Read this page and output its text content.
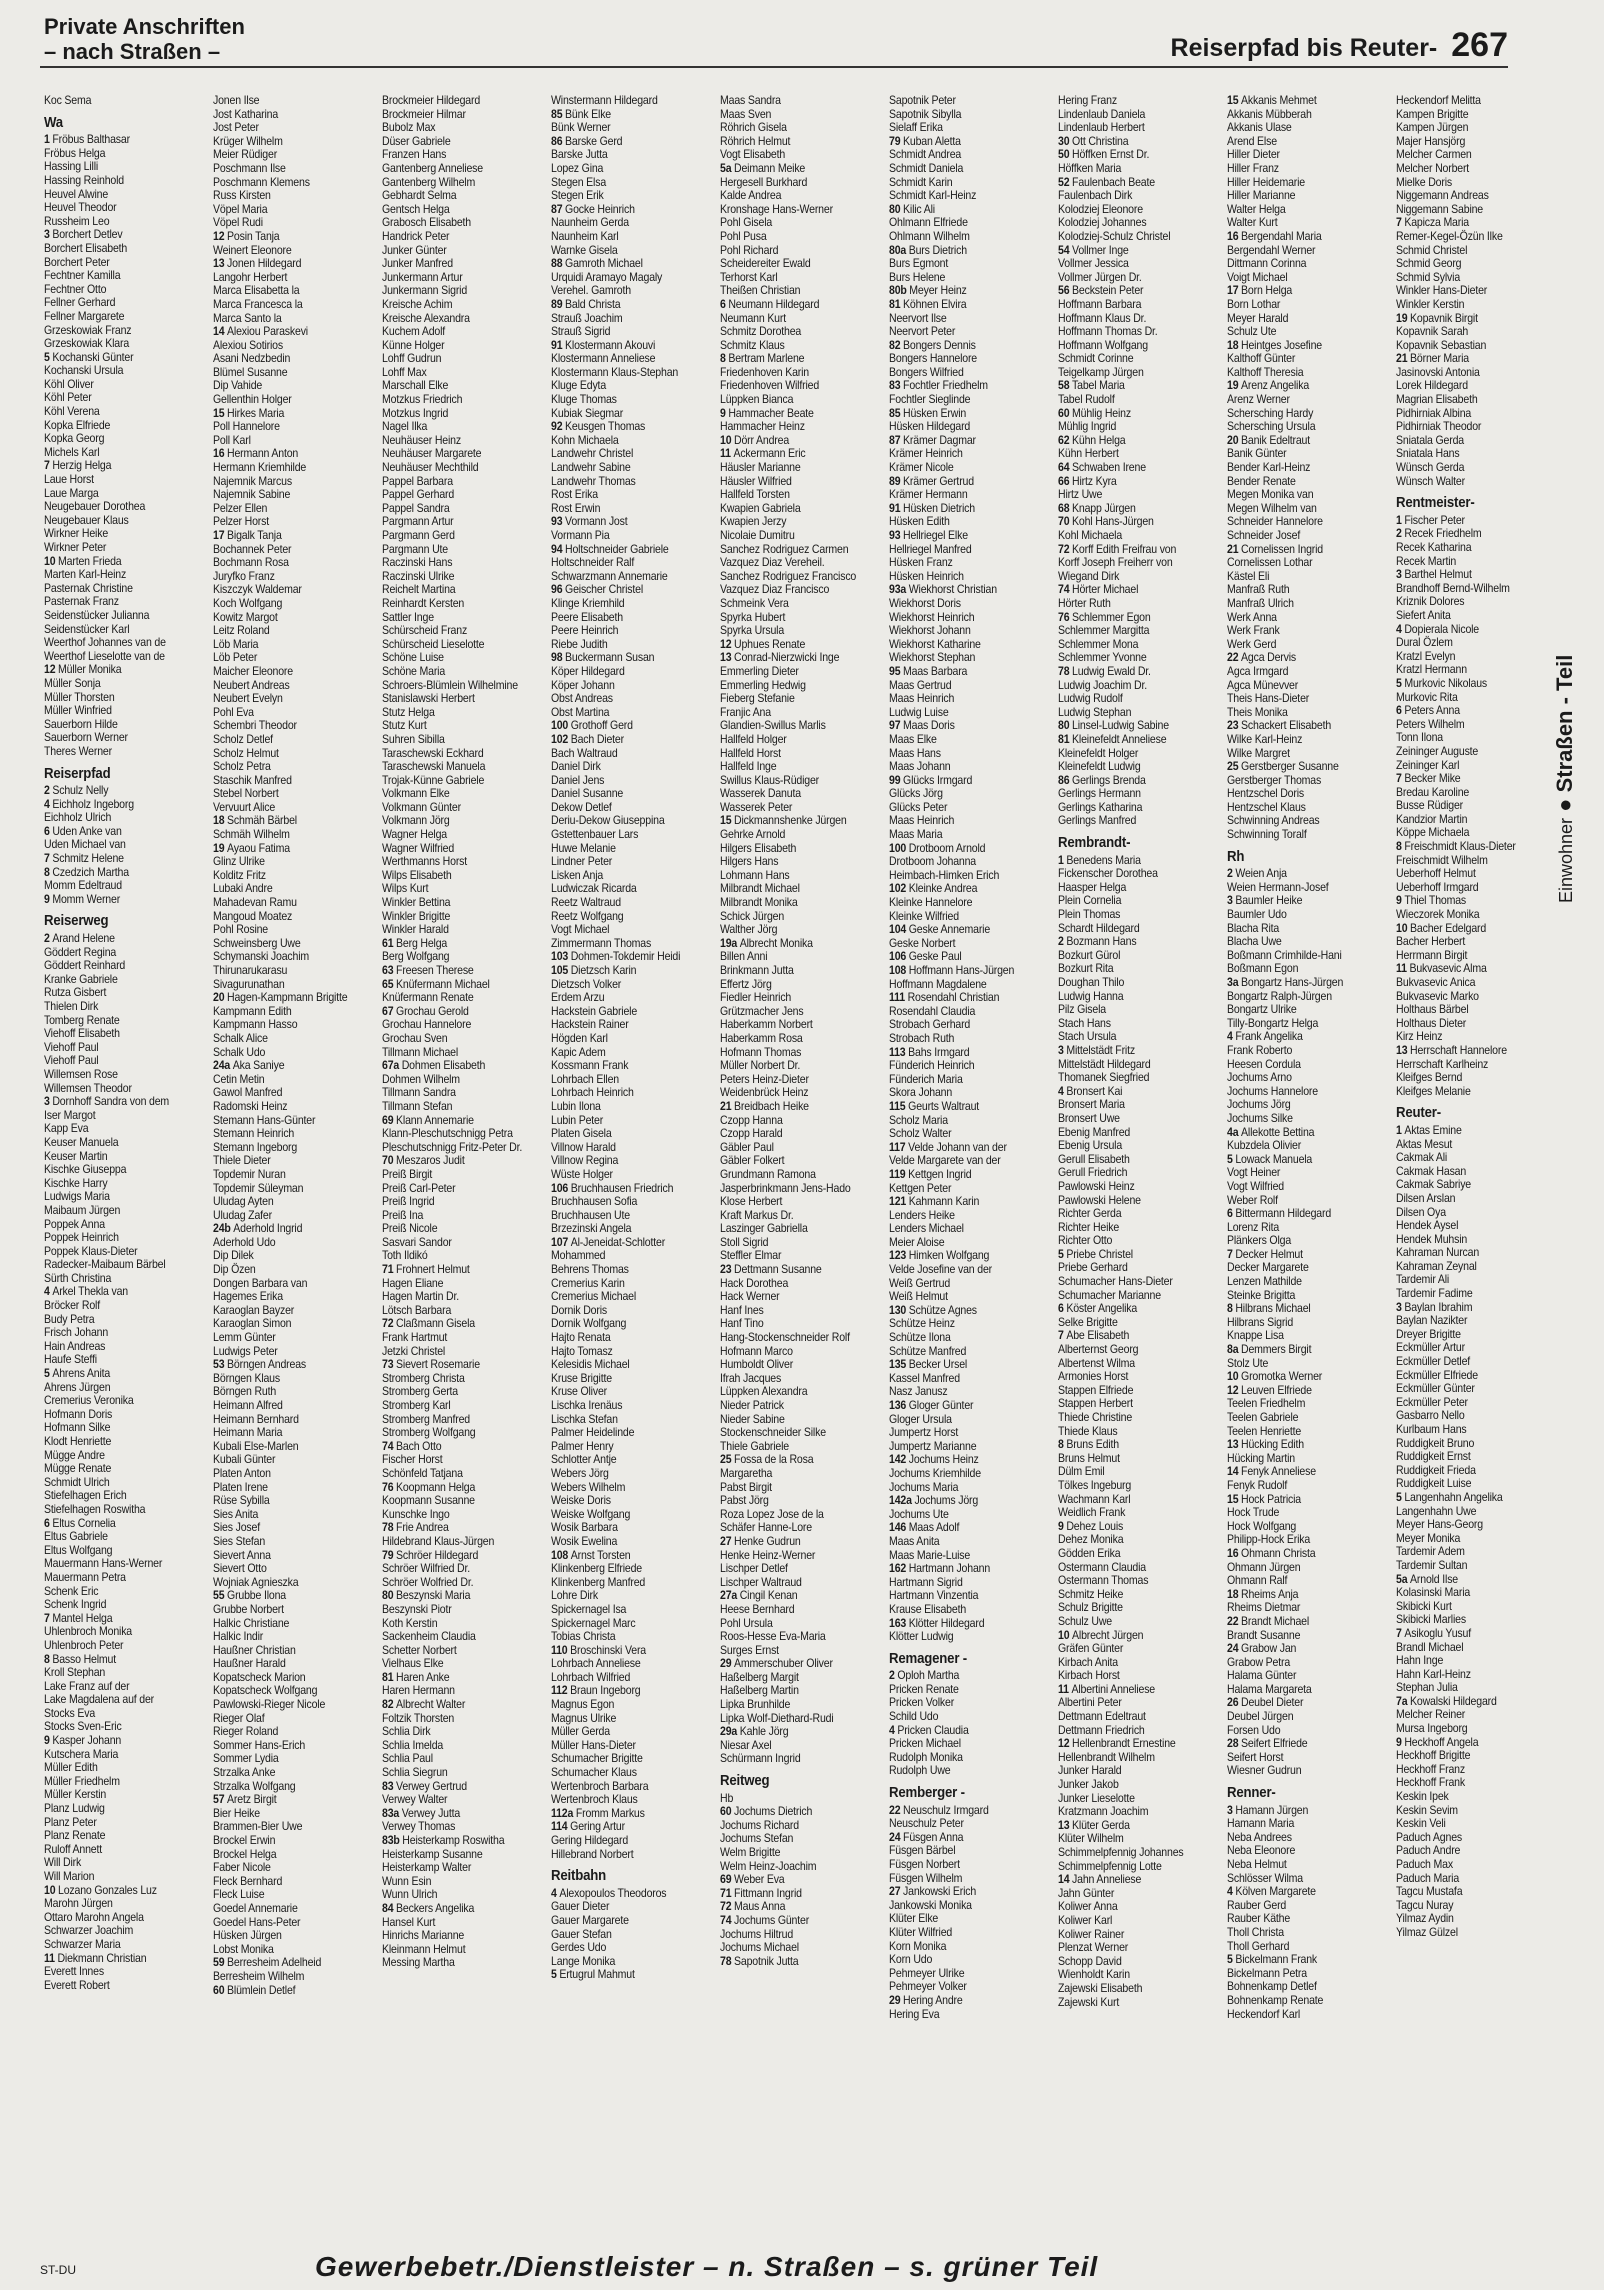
Private Anschriften
– nach Straßen –	Reiserpfad bis Reuter- 267
Koc Sema
Wa
1 Fröbus Balthasar
Fröbus Helga
Hassing Lilli
Hassing Reinhold
Heuvel Alwine
Heuvel Theodor
Russheim Leo
3 Borchert Detlev
Borchert Elisabeth
Borchert Peter
Fechtner Kamilla
Fechtner Otto
Fellner Gerhard
Fellner Margarete
Grzeskowiak Franz
Grzeskowiak Klara
5 Kochanski Günter
Kochanski Ursula
Köhl Oliver
Köhl Peter
Köhl Verena
Kopka Elfriede
Kopka Georg
Michels Karl
7 Herzig Helga
Laue Horst
Laue Marga
Neugebauer Dorothea
Neugebauer Klaus
Wirkner Heike
Wirkner Peter
10 Marten Frieda
Marten Karl-Heinz
Pasternak Christine
Pasternak Franz
Seidenstücker Julianna
Seidenstücker Karl
Weerthof Johannes van de
Weerthof Lieselotte van de
12 Müller Monika
Müller Sonja
Müller Thorsten
Müller Winfried
Sauerborn Hilde
Sauerborn Werner
Theres Werner
Reiserpfad
2 Schulz Nelly
4 Eichholz Ingeborg
Eichholz Ulrich
6 Uden Anke van
Uden Michael van
7 Schmitz Helene
8 Czedzich Martha
Momm Edeltraud
9 Momm Werner
Reiserweg
2 Arand Helene
Göddert Regina
Göddert Reinhard
Kranke Gabriele
Rutza Gisbert
Thielen Dirk
Tomberg Renate
Viehoff Elisabeth
Viehoff Paul
Viehoff Paul
Willemsen Rose
Willemsen Theodor
3 Dornhoff Sandra von dem
Iser Margot
Kapp Eva
Keuser Manuela
Keuser Martin
Kischke Giuseppa
Kischke Harry
Ludwigs Maria
Maibaum Jürgen
Poppek Anna
Poppek Heinrich
Poppek Klaus-Dieter
Radecker-Maibaum Bärbel
Sürth Christina
4 Arkel Thekla van
Bröcker Rolf
Budy Petra
Frisch Johann
Hain Andreas
Haufe Steffi
5 Ahrens Anita
Ahrens Jürgen
Cremerius Veronika
Hofmann Doris
Hofmann Silke
Klodt Henriette
Mügge Andre
Mügge Renate
Schmidt Ulrich
Stiefelhagen Erich
Stiefelhagen Roswitha
6 Eltus Cornelia
Eltus Gabriele
Eltus Wolfgang
Mauermann Hans-Werner
Mauermann Petra
Schenk Eric
Schenk Ingrid
7 Mantel Helga
Uhlenbroch Monika
Uhlenbroch Peter
8 Basso Helmut
Kroll Stephan
Lake Franz auf der
Lake Magdalena auf der
Stocks Eva
Stocks Sven-Eric
9 Kasper Johann
Kutschera Maria
Müller Edith
Müller Friedhelm
Müller Kerstin
Planz Ludwig
Planz Peter
Planz Renate
Ruloff Annett
Will Dirk
Will Marion
10 Lozano Gonzales Luz
Marohn Jürgen
Ottaro Marohn Angela
Schwarzer Joachim
Schwarzer Maria
11 Diekmann Christian
Everett Innes
Everett Robert
Jonen Ilse
Jost Katharina
Jost Peter
Krüger Wilhelm
Meier Rüdiger
Poschmann Ilse
Poschmann Klemens
Russ Kirsten
Vöpel Maria
Vöpel Rudi
12 Posin Tanja
Weinert Eleonore
13 Jonen Hildegard
Langohr Herbert
Marca Elisabetta la
Marca Francesca la
Marca Santo la
14 Alexiou Paraskevi
Alexiou Sotirios
Asani Nedzbedin
Blümel Susanne
Dip Vahide
Gellenthin Holger
15 Hirkes Maria
Poll Hannelore
Poll Karl
16 Hermann Anton
Hermann Kriemhilde
Najemnik Marcus
Najemnik Sabine
Pelzer Ellen
Pelzer Horst
17 Bigalk Tanja
Bochannek Peter
Bochmann Rosa
Juryfko Franz
Kiszczyk Waldemar
Koch Wolfgang
Kowitz Margot
Leitz Roland
Löb Maria
Löb Peter
Maicher Eleonore
Neubert Andreas
Neubert Evelyn
Pohl Eva
Schembri Theodor
Scholz Detlef
Scholz Helmut
Scholz Petra
Staschik Manfred
Stebel Norbert
Vervuurt Alice
18 Schmäh Bärbel
Schmäh Wilhelm
19 Ayaou Fatima
Glinz Ulrike
Kolditz Fritz
Lubaki Andre
Mahadevan Ramu
Mangoud Moatez
Pohl Rosine
Schweinsberg Uwe
Schymanski Joachim
Thirunarukarasu Sivagurunathan
20 Hagen-Kampmann Brigitte
Kampmann Edith
Kampmann Hasso
Schalk Alice
Schalk Udo
24a Aka Saniye
Cetin Metin
Gawol Manfred
Radomski Heinz
Stemann Hans-Günter
Stemann Heinrich
Stemann Ingeborg
Thiele Dieter
Topdemir Nuran
Topdemir Süleyman
Uludag Ayten
Uludag Zafer
24b Aderhold Ingrid
Aderhold Udo
Dip Dilek
Dip Özen
Dongen Barbara van
Hagemes Erika
Karaoglan Bayzer
Karaoglan Simon
Lemm Günter
Ludwigs Peter
53 Börngen Andreas
Börngen Klaus
Börngen Ruth
Heimann Alfred
Heimann Bernhard
Heimann Maria
Kubali Else-Marlen
Kubali Günter
Platen Anton
Platen Irene
Rüse Sybilla
Sies Anita
Sies Josef
Sies Stefan
Sievert Anna
Sievert Otto
Wojniak Agnieszka
55 Grubbe Ilona
Grubbe Norbert
Halkic Christiane
Halkic Indir
Haußner Christian
Haußner Harald
Kopatscheck Marion
Kopatscheck Wolfgang
Pawlowski-Rieger Nicole
Rieger Olaf
Rieger Roland
Sommer Hans-Erich
Sommer Lydia
Strzalka Anke
Strzalka Wolfgang
57 Aretz Birgit
Bier Heike
Brammen-Bier Uwe
Brockel Erwin
Brockel Helga
Faber Nicole
Fleck Bernhard
Fleck Luise
Goedel Annemarie
Goedel Hans-Peter
Hüsken Jürgen
Lobst Monika
59 Berresheim Adelheid
Berresheim Wilhelm
60 Blümlein Detlef
Brockmeier Hildegard
Brockmeier Hilmar
Bubolz Max
Düser Gabriele
Franzen Hans
Gantenberg Anneliese
Gantenberg Wilhelm
Gebhardt Selma
Gentsch Helga
Grabosch Elisabeth
Handrick Peter
Junker Günter
Junker Manfred
Junkermann Artur
Junkermann Sigrid
Kreische Achim
Kreische Alexandra
Kuchem Adolf
Künne Holger
Lohff Gudrun
Lohff Max
Marschall Elke
Motzkus Friedrich
Motzkus Ingrid
Nagel Ilka
Neuhäuser Heinz
Neuhäuser Margarete
Neuhäuser Mechthild
Pappel Barbara
Pappel Gerhard
Pappel Sandra
Pargmann Artur
Pargmann Gerd
Pargmann Ute
Raczinski Hans
Raczinski Ulrike
Reichelt Martina
Reinhardt Kersten
Sattler Inge
Schürscheid Franz
Schürscheid Lieselotte
Schöne Luise
Schöne Maria
Schroers-Blümlein Wilhelmine
Stanislawski Herbert
Stutz Helga
Stutz Kurt
Suhren Sibilla
Taraschewski Eckhard
Taraschewski Manuela
Trojak-Künne Gabriele
Volkmann Elke
Volkmann Günter
Volkmann Jörg
Wagner Helga
Wagner Wilfried
Werthmanns Horst
Wilps Elisabeth
Wilps Kurt
Winkler Bettina
Winkler Brigitte
Winkler Harald
61 Berg Helga
Berg Wolfgang
63 Freesen Therese
65 Knüfermann Michael
Knüfermann Renate
67 Grochau Gerold
Grochau Hannelore
Grochau Sven
Tillmann Michael
67a Dohmen Elisabeth
Dohmen Wilhelm
Tillmann Sandra
Tillmann Stefan
69 Klann Annemarie
Klann-Pleschutschnigg Petra
Pleschutschnigg Fritz-Peter Dr.
70 Meszaros Judit
Preiß Birgit
Preiß Carl-Peter
Preiß Ingrid
Preiß Ina
Preiß Nicole
Sasvari Sandor
Toth Ildikó
71 Frohnert Helmut
Hagen Eliane
Hagen Martin Dr.
Lötsch Barbara
72 Claßmann Gisela
Frank Hartmut
Jetzki Christel
73 Sievert Rosemarie
Stromberg Christa
Stromberg Gerta
Stromberg Karl
Stromberg Manfred
Stromberg Wolfgang
74 Bach Otto
Fischer Horst
Schönfeld Tatjana
76 Koopmann Helga
Koopmann Susanne
Kunschke Ingo
78 Frie Andrea
Hildebrand Klaus-Jürgen
79 Schröer Hildegard
Schröer Wilfried Dr.
Schröer Wolfried Dr.
80 Beszynski Maria
Beszynski Piotr
Koth Kerstin
Sackenheim Claudia
Schetter Norbert
Vielhaus Elke
81 Haren Anke
Haren Hermann
82 Albrecht Walter
Foltzik Thorsten
Schlia Dirk
Schlia Imelda
Schlia Paul
Schlia Siegrun
83 Verwey Gertrud
Verwey Walter
83a Verwey Jutta
Verwey Thomas
83b Heisterkamp Roswitha
Heisterkamp Susanne
Heisterkamp Walter
Wunn Esin
Wunn Ulrich
84 Beckers Angelika
Hansel Kurt
Hinrichs Marianne
Kleinmann Helmut
Messing Martha
Winstermann Hildegard
85 Bünk Elke
Bünk Werner
86 Barske Gerd
Barske Jutta
Lopez Gina
Stegen Elsa
Stegen Erik
87 Gocke Heinrich
Naunheim Gerda
Naunheim Karl
Warnke Gisela
88 Gamroth Michael
Urquidi Aramayo Magaly Verehel. Gamroth
89 Bald Christa
Strauß Joachim
Strauß Sigrid
91 Klostermann Akouvi
Klostermann Anneliese
Klostermann Klaus-Stephan
Kluge Edyta
Kluge Thomas
Kubiak Siegmar
92 Keusgen Thomas
Kohn Michaela
Landwehr Christel
Landwehr Sabine
Landwehr Thomas
Rost Erika
Rost Erwin
93 Vormann Jost
Vormann Pia
94 Holtschneider Gabriele
Holtschneider Ralf
Schwarzmann Annemarie
96 Geischer Christel
Klinge Kriemhild
Peere Elisabeth
Peere Heinrich
Riebe Judith
98 Buckermann Susan
Köper Hildegard
Köper Johann
Obst Andreas
Obst Martina
100 Grothoff Gerd
102 Bach Dieter
Bach Waltraud
Daniel Dirk
Daniel Jens
Daniel Susanne
Dekow Detlef
Deriu-Dekow Giuseppina
Gstettenbauer Lars
Huwe Melanie
Lindner Peter
Lisken Anja
Ludwiczak Ricarda
Reetz Waltraud
Reetz Wolfgang
Vogt Michael
Zimmermann Thomas
103 Dohmen-Tokdemir Heidi
105 Dietzsch Karin
Dietzsch Volker
Erdem Arzu
Hackstein Gabriele
Hackstein Rainer
Högden Karl
Kapic Adem
Kossmann Frank
Lohrbach Ellen
Lohrbach Heinrich
Lubin Ilona
Lubin Peter
Platen Gisela
Villnow Harald
Villnow Regina
Wüste Holger
106 Bruchhausen Friedrich
Bruchhausen Sofia
Bruchhausen Ute
Brzezinski Angela
107 Al-Jeneidat-Schlotter Mohammed
Behrens Thomas
Cremerius Karin
Cremerius Michael
Dornik Doris
Dornik Wolfgang
Hajto Renata
Hajto Tomasz
Kelesidis Michael
Kruse Brigitte
Kruse Oliver
Lischka Irenäus
Lischka Stefan
Palmer Heidelinde
Palmer Henry
Schlotter Antje
Webers Jörg
Webers Wilhelm
Weiske Doris
Weiske Wolfgang
Wosik Barbara
Wosik Ewelina
108 Arnst Torsten
Klinkenberg Elfriede
Klinkenberg Manfred
Lohre Dirk
Spickernagel Isa
Spickernagel Marc
Tobias Christa
110 Broschinski Vera
Lohrbach Anneliese
Lohrbach Wilfried
112 Braun Ingeborg
Magnus Egon
Magnus Ulrike
Müller Gerda
Müller Hans-Dieter
Schumacher Brigitte
Schumacher Klaus
Wertenbroch Barbara
Wertenbroch Klaus
112a Fromm Markus
114 Gering Artur
Gering Hildegard
Hillebrand Norbert
Reitbahn
4 Alexopoulos Theodoros
Gauer Dieter
Gauer Margarete
Gauer Stefan
Gerdes Udo
Lange Monika
5 Ertugrul Mahmut
Maas Sandra
Maas Sven
Röhrich Gisela
Röhrich Helmut
Vogt Elisabeth
5a Deimann Meike
Hergesell Burkhard
Kalde Andrea
Kronshage Hans-Werner
Pohl Gisela
Pohl Pusa
Pohl Richard
Scheidereiter Ewald
Terhorst Karl
Theißen Christian
6 Neumann Hildegard
Neumann Kurt
Schmitz Dorothea
Schmitz Klaus
8 Bertram Marlene
Friedenhoven Karin
Friedenhoven Wilfried
Lüppken Bianca
9 Hammacher Beate
Hammacher Heinz
10 Dörr Andrea
11 Ackermann Eric
Häusler Marianne
Häusler Wilfried
Hallfeld Torsten
Kwapien Gabriela
Kwapien Jerzy
Nicolaie Dumitru
Sanchez Rodriguez Carmen Vazquez Diaz Vereheil.
Sanchez Rodriguez Francisco
Vazquez Diaz Francisco
Schmeink Vera
Spyrka Hubert
Spyrka Ursula
12 Uphues Renate
13 Conrad-Nierzwicki Inge
Emmerling Dieter
Emmerling Hedwig
Fieberg Stefanie
Franjic Ana
Glandien-Swillus Marlis
Hallfeld Holger
Hallfeld Horst
Hallfeld Inge
Swillus Klaus-Rüdiger
Wasserek Danuta
Wasserek Peter
15 Dickmannshenke Jürgen
Gehrke Arnold
Hilgers Elisabeth
Hilgers Hans
Lohmann Hans
Milbrandt Michael
Milbrandt Monika
Schick Jürgen
Walther Jörg
19a Albrecht Monika
Billen Anni
Brinkmann Jutta
Effertz Jörg
Fiedler Heinrich
Grützmacher Jens
Haberkamm Norbert
Haberkamm Rosa
Hofmann Thomas
Müller Norbert Dr.
Peters Heinz-Dieter
Weidenbrück Heinz
21 Breidbach Heike
Czopp Hanna
Czopp Harald
Gäbler Paul
Gäbler Folkert
Grundmann Ramona
Jasperbrinkmann Jens-Hado
Klose Herbert
Kraft Markus Dr.
Laszinger Gabriella
Stoll Sigrid
Steffler Elmar
23 Dettmann Susanne
Hack Dorothea
Hack Werner
Hanf Ines
Hanf Tino
Hang-Stockenschneider Rolf
Hofmann Marco
Humboldt Oliver
Ifrah Jacques
Lüppken Alexandra
Nieder Patrick
Nieder Sabine
Stockenschneider Silke
Thiele Gabriele
25 Fossa de la Rosa Margaretha
Pabst Birgit
Pabst Jörg
Roza Lopez Jose de la
Schäfer Hanne-Lore
27 Henke Gudrun
Henke Heinz-Werner
Lischper Detlef
Lischper Waltraud
27a Cingil Kenan
Heese Bernhard
Pohl Ursula
Roos-Hesse Eva-Maria
Surges Ernst
29 Ammerschuber Oliver
Haßelberg Margit
Haßelberg Martin
Lipka Brunhilde
Lipka Wolf-Diethard-Rudi
29a Kahle Jörg
Niesar Axel
Schürmann Ingrid
Reitweg
Hb
60 Jochums Dietrich
Jochums Richard
Jochums Stefan
Welm Brigitte
Welm Heinz-Joachim
69 Weber Eva
71 Fittmann Ingrid
72 Maus Anna
74 Jochums Günter
Jochums Hiltrud
Jochums Michael
78 Sapotnik Jutta
Sapotnik Peter
Sapotnik Sibylla
Sielaff Erika
79 Kuban Aletta
Schmidt Andrea
Schmidt Daniela
Schmidt Karin
Schmidt Karl-Heinz
80 Kilic Ali
Ohlmann Elfriede
Ohlmann Wilhelm
80a Burs Dietrich
Burs Egmont
Burs Helene
80b Meyer Heinz
81 Köhnen Elvira
Neervort Ilse
Neervort Peter
82 Bongers Dennis
Bongers Hannelore
Bongers Wilfried
83 Fochtler Friedhelm
Fochtler Sieglinde
85 Hüsken Erwin
Hüsken Hildegard
87 Krämer Dagmar
Krämer Heinrich
Krämer Nicole
89 Krämer Gertrud
Krämer Hermann
91 Hüsken Dietrich
Hüsken Edith
93 Hellriegel Elke
Hellriegel Manfred
Hüsken Franz
Hüsken Heinrich
93a Wiekhorst Christian
Wiekhorst Doris
Wiekhorst Heinrich
Wiekhorst Johann
Wiekhorst Katharine
Wiekhorst Stephan
95 Maas Barbara
Maas Gertrud
Maas Heinrich
Ludwig Luise
97 Maas Doris
Maas Elke
Maas Hans
Maas Johann
99 Glücks Irmgard
Glücks Jörg
Glücks Peter
Maas Heinrich
Maas Maria
100 Drotboom Arnold
Drotboom Johanna
Heimbach-Himken Erich
102 Kleinke Andrea
Kleinke Hannelore
Kleinke Wilfried
104 Geske Annemarie
Geske Norbert
106 Geske Paul
108 Hoffmann Hans-Jürgen
Hoffmann Magdalene
111 Rosendahl Christian
Rosendahl Claudia
Strobach Gerhard
Strobach Ruth
113 Bahs Irmgard
Fünderich Heinrich
Fünderich Maria
Skora Johann
115 Geurts Waltraut
Scholz Maria
Scholz Walter
117 Velde Johann van der
Velde Margarete van der
119 Kettgen Ingrid
Kettgen Peter
121 Kahmann Karin
Lenders Heike
Lenders Michael
Meier Aloise
123 Himken Wolfgang
Velde Josefine van der
Weiß Gertrud
Weiß Helmut
130 Schütze Agnes
Schütze Heinz
Schütze Ilona
Schütze Manfred
135 Becker Ursel
Kassel Manfred
Nasz Janusz
136 Gloger Günter
Gloger Ursula
Jumpertz Horst
Jumpertz Marianne
142 Jochums Heinz
Jochums Kriemhilde
Jochums Maria
142a Jochums Jörg
Jochums Ute
146 Maas Adolf
Maas Anita
Maas Marie-Luise
162 Hartmann Johann
Hartmann Sigrid
Hartmann Vinzentia
Krause Elisabeth
163 Klötter Hildegard
Klötter Ludwig
Remagener -
2 Oploh Martha
Pricken Renate
Pricken Volker
Schild Udo
4 Pricken Claudia
Pricken Michael
Rudolph Monika
Rudolph Uwe
Remberger -
22 Neuschulz Irmgard
Neuschulz Peter
24 Füsgen Anna
Füsgen Bärbel
Füsgen Norbert
Füsgen Wilhelm
27 Jankowski Erich
Jankowski Monika
Klüter Elke
Klüter Wilfried
Korn Monika
Korn Udo
Pehmeyer Ulrike
Pehmeyer Volker
29 Hering Andre
Hering Eva
Hering Franz
Lindenlaub Daniela
Lindenlaub Herbert
30 Ott Christina
50 Höffken Ernst Dr.
Höffken Maria
52 Faulenbach Beate
Faulenbach Dirk
Kolodziej Eleonore
Kolodziej Johannes
Kolodziej-Schulz Christel
54 Vollmer Inge
Vollmer Jessica
Vollmer Jürgen Dr.
56 Beckstein Peter
Hoffmann Barbara
Hoffmann Klaus Dr.
Hoffmann Thomas Dr.
Hoffmann Wolfgang
Schmidt Corinne
Teigelkamp Jürgen
58 Tabel Maria
Tabel Rudolf
60 Mühlig Heinz
Mühlig Ingrid
62 Kühn Helga
Kühn Herbert
64 Schwaben Irene
66 Hirtz Kyra
Hirtz Uwe
68 Knapp Jürgen
70 Kohl Hans-Jürgen
Kohl Michaela
72 Korff Edith Freifrau von
Korff Joseph Freiherr von
Wiegand Dirk
74 Hörter Michael
Hörter Ruth
76 Schlemmer Egon
Schlemmer Margitta
Schlemmer Mona
Schlemmer Yvonne
78 Ludwig Ewald Dr.
Ludwig Joachim Dr.
Ludwig Rudolf
Ludwig Stephan
80 Linsel-Ludwig Sabine
81 Kleinefeldt Anneliese
Kleinefeldt Holger
Kleinefeldt Ludwig
86 Gerlings Brenda
Gerlings Hermann
Gerlings Katharina
Gerlings Manfred
Rembrandt-
1 Benedens Maria
Fickenscher Dorothea
Haasper Helga
Plein Cornelia
Plein Thomas
Schardt Hildegard
2 Bozmann Hans
Bozkurt Gürol
Bozkurt Rita
Doughan Thilo
Ludwig Hanna
Pilz Gisela
Stach Hans
Stach Ursula
3 Mittelstädt Fritz
Mittelstädt Hildegard
Thomanek Siegfried
4 Bronsert Kai
Bronsert Maria
Bronsert Uwe
Ebenig Manfred
Ebenig Ursula
Gerull Elisabeth
Gerull Friedrich
Pawlowski Heinz
Pawlowski Helene
Richter Gerda
Richter Heike
Richter Otto
5 Priebe Christel
Priebe Gerhard
Schumacher Hans-Dieter
Schumacher Marianne
6 Köster Angelika
Selke Brigitte
7 Abe Elisabeth
Alberternst Georg
Albertenst Wilma
Armonies Horst
Stappen Elfriede
Stappen Herbert
Thiede Christine
Thiede Klaus
8 Bruns Edith
Bruns Helmut
Dülm Emil
Tölkes Ingeburg
Wachmann Karl
Weidlich Frank
9 Dehez Louis
Dehez Monika
Gödden Erika
Ostermann Claudia
Ostermann Thomas
Schmitz Heike
Schulz Brigitte
Schulz Uwe
10 Albrecht Jürgen
Gräfen Günter
Kirbach Anita
Kirbach Horst
11 Albertini Anneliese
Albertini Peter
Dettmann Edeltraut
Dettmann Friedrich
12 Hellenbrandt Ernestine
Hellenbrandt Wilhelm
Junker Harald
Junker Jakob
Junker Lieselotte
Kratzmann Joachim
13 Klüter Gerda
Klüter Wilhelm
Schimmelpfennig Johannes
Schimmelpfennig Lotte
14 Jahn Anneliese
Jahn Günter
Koliwer Anna
Koliwer Karl
Koliwer Rainer
Plenzat Werner
Schopp David
Wienholdt Karin
Zajewski Elisabeth
Zajewski Kurt
15 Akkanis Mehmet
Akkanis Mübberah
Akkanis Ulase
Arend Else
Hiller Dieter
Hiller Franz
Hiller Heidemarie
Hiller Marianne
Walter Helga
Walter Kurt
16 Bergendahl Maria
Bergendahl Werner
Dittmann Corinna
Voigt Michael
17 Born Helga
Born Lothar
Meyer Harald
Schulz Ute
18 Heintges Josefine
Kalthoff Günter
Kalthoff Theresia
19 Arenz Angelika
Arenz Werner
Schersching Hardy
Schersching Ursula
20 Banik Edeltraut
Banik Günter
Bender Karl-Heinz
Bender Renate
Megen Monika van
Megen Wilhelm van
Schneider Hannelore
Schneider Josef
21 Cornelissen Ingrid
Cornelissen Lothar
Kästel Eli
Manfraß Ruth
Manfraß Ulrich
Werk Anna
Werk Frank
Werk Gerd
22 Agca Dervis
Agca Irmgard
Agca Münevver
Theis Hans-Dieter
Theis Monika
23 Schackert Elisabeth
Wilke Karl-Heinz
Wilke Margret
25 Gerstberger Susanne
Gerstberger Thomas
Hentzschel Doris
Hentzschel Klaus
Schwinning Andreas
Schwinning Toralf
Rh
2 Weien Anja
Weien Hermann-Josef
3 Baumler Heike
Baumler Udo
Blacha Rita
Blacha Uwe
Boßmann Crimhilde-Hani
Boßmann Egon
3a Bongartz Hans-Jürgen
Bongartz Ralph-Jürgen
Bongartz Ulrike
Tilly-Bongartz Helga
4 Frank Angelika
Frank Roberto
Heesen Cordula
Jochums Arno
Jochums Hannelore
Jochums Jörg
Jochums Silke
4a Allekotte Bettina
Kubzdela Olivier
5 Lowack Manuela
Vogt Heiner
Vogt Wilfried
Weber Rolf
6 Bittermann Hildegard
Lorenz Rita
Plänkers Olga
7 Decker Helmut
Decker Margarete
Lenzen Mathilde
Steinke Brigitta
8 Hilbrans Michael
Hilbrans Sigrid
Knappe Lisa
8a Demmers Birgit
Stolz Ute
10 Gromotka Werner
12 Leuven Elfriede
Teelen Friedhelm
Teelen Gabriele
Teelen Henriette
13 Hücking Edith
Hücking Martin
14 Fenyk Anneliese
Fenyk Rudolf
15 Hock Patricia
Hock Trude
Hock Wolfgang
Philipp-Hock Erika
16 Ohmann Christa
Ohmann Jürgen
Ohmann Ralf
18 Rheims Anja
Rheims Dietmar
22 Brandt Michael
Brandt Susanne
24 Grabow Jan
Grabow Petra
Halama Günter
Halama Margareta
26 Deubel Dieter
Deubel Jürgen
Forsen Udo
28 Seifert Elfriede
Seifert Horst
Wiesner Gudrun
Renner-
3 Hamann Jürgen
Hamann Maria
Neba Andrees
Neba Eleonore
Neba Helmut
Schlösser Wilma
4 Kölven Margarete
Rauber Gerd
Rauber Käthe
Tholl Christa
Tholl Gerhard
5 Bickelmann Frank
Bickelmann Petra
Bohnenkamp Detlef
Bohnenkamp Renate
Heckendorf Karl
Heckendorf Melitta
Kampen Brigitte
Kampen Jürgen
Majer Hansjörg
Melcher Carmen
Melcher Norbert
Mielke Doris
Niggemann Andreas
Niggemann Sabine
7 Kapicza Maria
Remer-Kegel-Özün Ilke
Schmid Christel
Schmid Georg
Schmid Sylvia
Winkler Hans-Dieter
Winkler Kerstin
19 Kopavnik Birgit
Kopavnik Sarah
Kopavnik Sebastian
21 Börner Maria
Jasinovski Antonia
Lorek Hildegard
Magrian Elisabeth
Pidhirniak Albina
Pidhirniak Theodor
Sniatala Gerda
Sniatala Hans
Wünsch Gerda
Wünsch Walter
Rentmeister-
1 Fischer Peter
2 Recek Friedhelm
Recek Katharina
Recek Martin
3 Barthel Helmut
Brandhoff Bernd-Wilhelm
Kriznik Dolores
Siefert Anita
4 Dopierala Nicole
Dural Özlem
Kratzl Evelyn
Kratzl Hermann
5 Murkovic Nikolaus
Murkovic Rita
6 Peters Anna
Peters Wilhelm
Tonn Ilona
Zeininger Auguste
Zeininger Karl
7 Becker Mike
Bredau Karoline
Busse Rüdiger
Kandzior Martin
Köppe Michaela
8 Freischmidt Klaus-Dieter
Freischmidt Wilhelm
Ueberhoff Helmut
Ueberhoff Irmgard
9 Thiel Thomas
Wieczorek Monika
10 Bacher Edelgard
Bacher Herbert
Herrmann Birgit
11 Bukvasevic Alma
Bukvasevic Anica
Bukvasevic Marko
Holthaus Bärbel
Holthaus Dieter
Kirz Heinz
13 Herrschaft Hannelore
Herrschaft Karlheinz
Kleifges Bernd
Kleifges Melanie
Reuter-
1 Aktas Emine
Aktas Mesut
Cakmak Ali
Cakmak Hasan
Cakmak Sabriye
Dilsen Arslan
Dilsen Oya
Hendek Aysel
Hendek Muhsin
Kahraman Nurcan
Kahraman Zeynal
Tardemir Ali
Tardemir Fadime
3 Baylan Ibrahim
Baylan Nazikter
Dreyer Brigitte
Eckmüller Artur
Eckmüller Detlef
Eckmüller Elfriede
Eckmüller Günter
Eckmüller Peter
Gasbarro Nello
Kurlbaum Hans
Ruddigkeit Bruno
Ruddigkeit Ernst
Ruddigkeit Frieda
Ruddigkeit Luise
5 Langenhahn Angelika
Langenhahn Uwe
Meyer Hans-Georg
Meyer Monika
Tardemir Adem
Tardemir Sultan
5a Arnold Ilse
Kolasinski Maria
Skibicki Kurt
Skibicki Marlies
7 Asikoglu Yusuf
Brandl Michael
Hahn Inge
Hahn Karl-Heinz
Stephan Julia
7a Kowalski Hildegard
Melcher Reiner
Mursa Ingeborg
9 Heckhoff Angela
Heckhoff Brigitte
Heckhoff Franz
Heckhoff Frank
Keskin Ipek
Keskin Sevim
Keskin Veli
Paduch Agnes
Paduch Andre
Paduch Max
Paduch Maria
Tagcu Mustafa
Tagcu Nuray
Yilmaz Aydin
Yilmaz Gülzel
Einwohner ● Straßen - Teil
ST-DU	Gewerbebetr./Dienstleister – n. Straßen – s. grüner Teil
